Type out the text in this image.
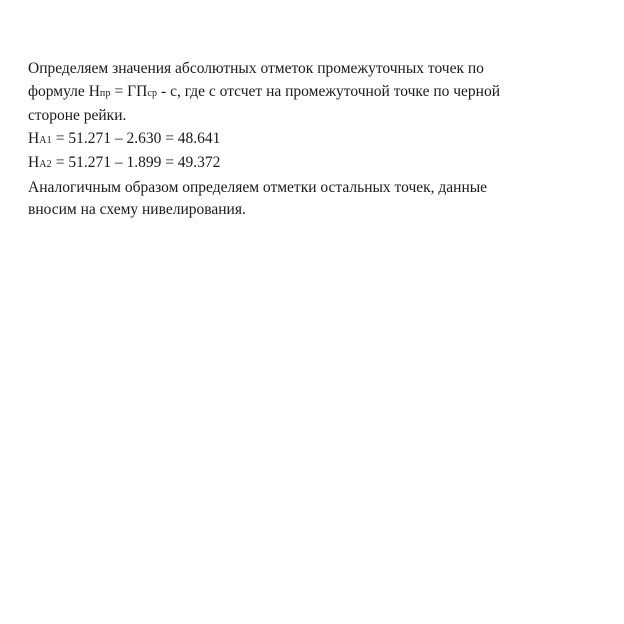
Определяем значения абсолютных отметок промежуточных точек по
формуле Hпр = ГПср - с, где с отсчет на промежуточной точке по черной
стороне рейки.
HA1 = 51.271 – 2.630 = 48.641
HA2 = 51.271 – 1.899 = 49.372
Аналогичным образом определяем отметки остальных точек, данные
вносим на схему нивелирования.
